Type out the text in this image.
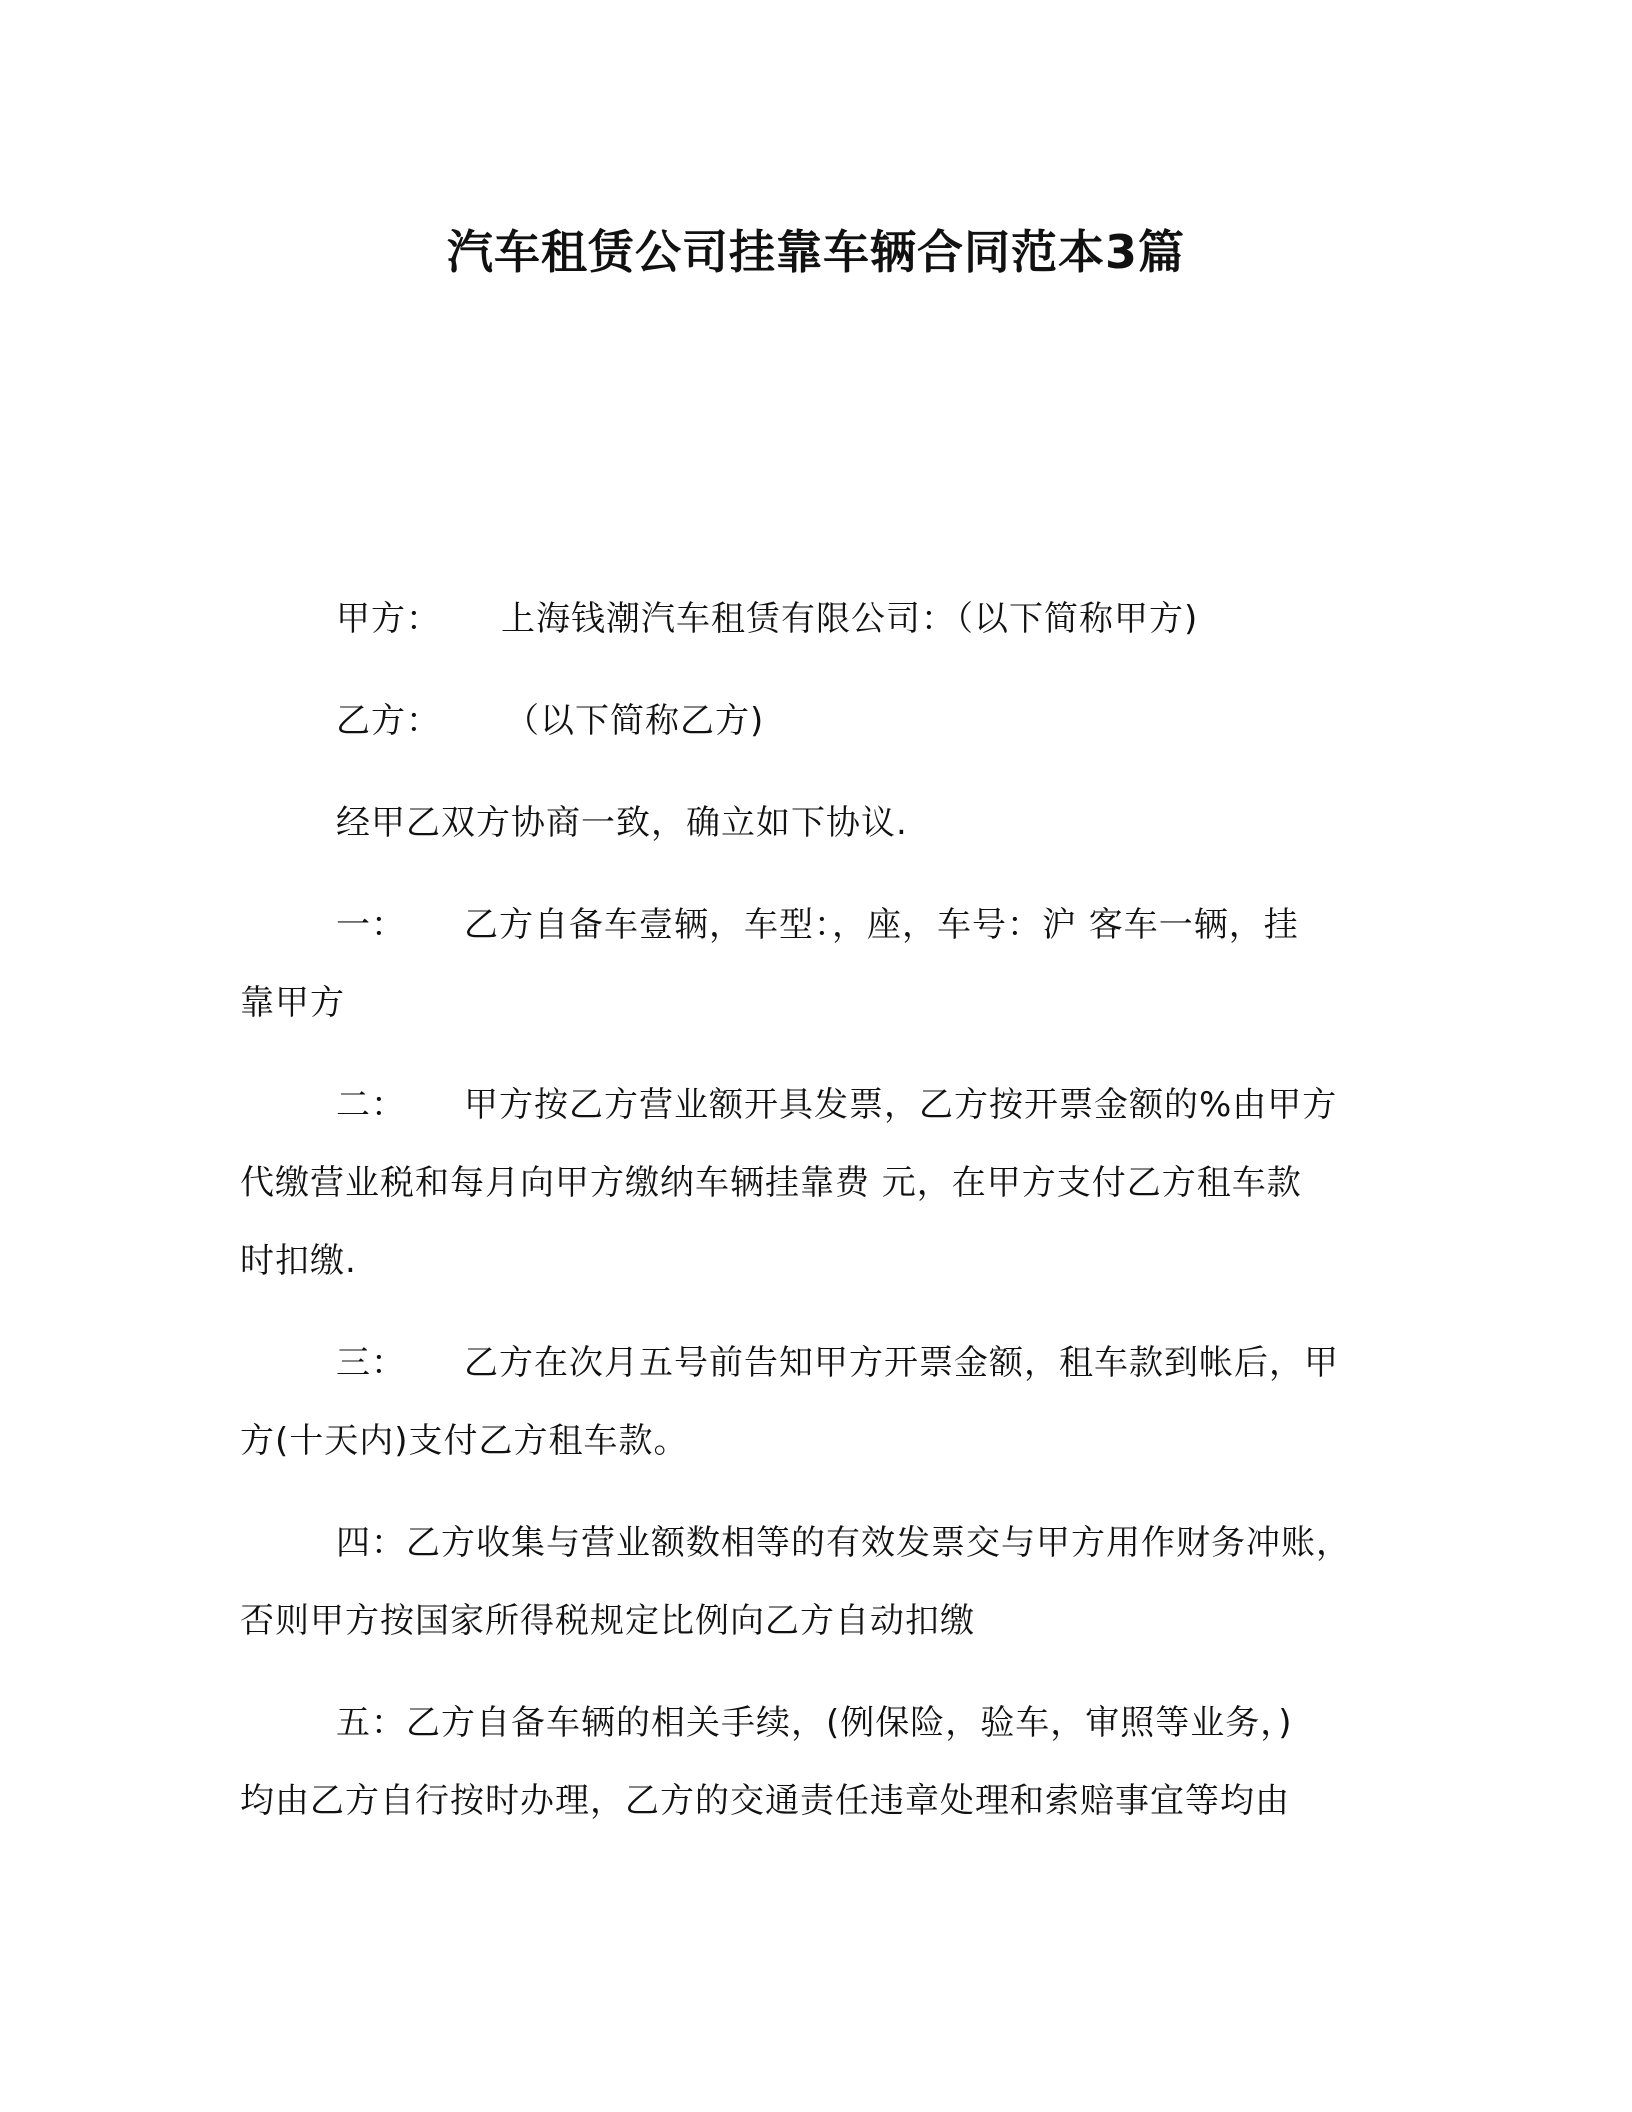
汽车租赁公司挂靠车辆合同范本3篇

甲方： 上海钱潮汽车租赁有限公司：（以下简称甲方)

乙方： （以下简称乙方)

经甲乙双方协商一致，确立如下协议.

一： 乙方自备车壹辆，车型：，座，车号：沪 客车一辆，挂
靠甲方

二： 甲方按乙方营业额开具发票，乙方按开票金额的%由甲方
代缴营业税和每月向甲方缴纳车辆挂靠费 元，在甲方支付乙方租车款
时扣缴.

三： 乙方在次月五号前告知甲方开票金额，租车款到帐后，甲
方(十天内)支付乙方租车款。

四：乙方收集与营业额数相等的有效发票交与甲方用作财务冲账，
否则甲方按国家所得税规定比例向乙方自动扣缴

五：乙方自备车辆的相关手续，(例保险，验车，审照等业务，)
均由乙方自行按时办理，乙方的交通责任违章处理和索赔事宜等均由
